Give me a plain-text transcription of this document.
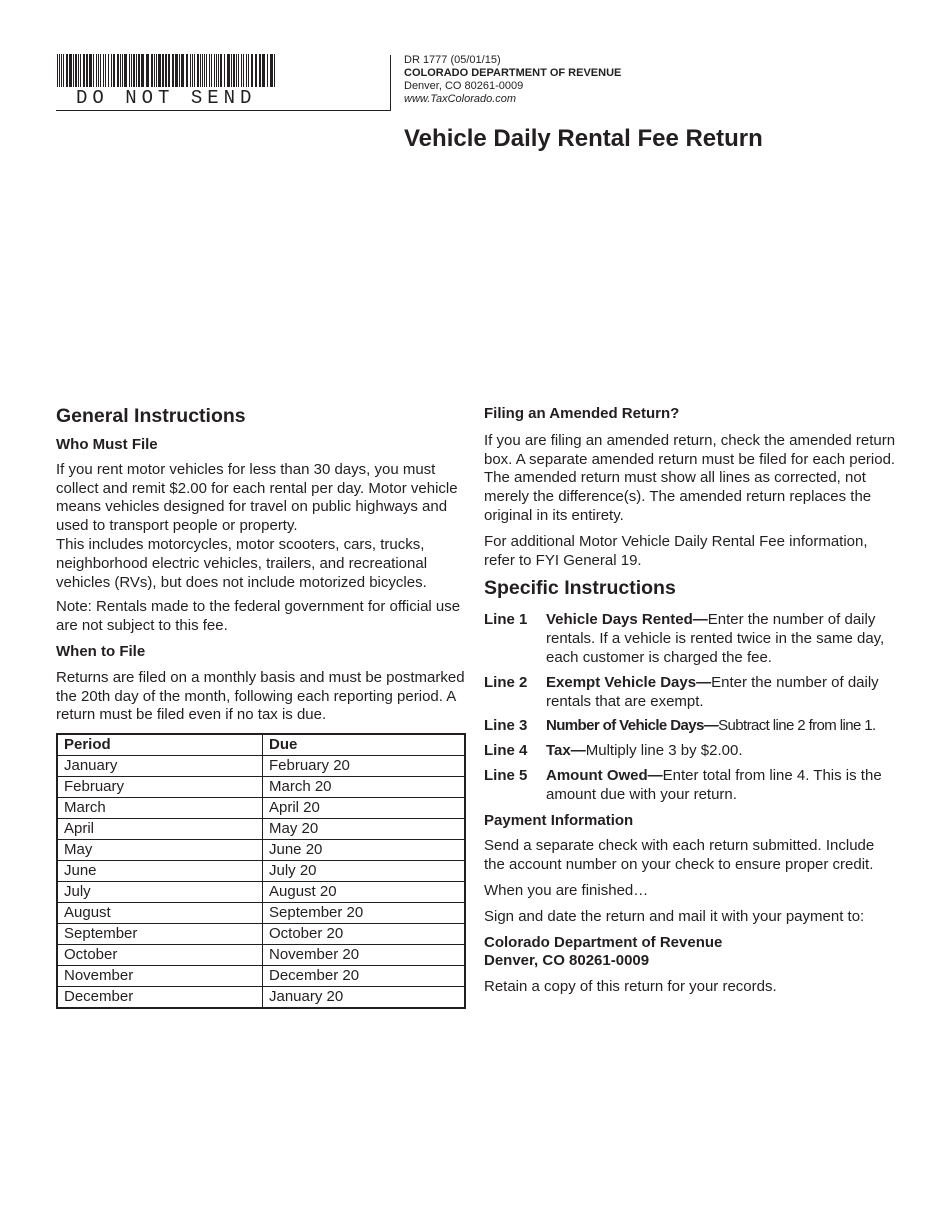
DO NOT SEND
DR 1777 (05/01/15)
COLORADO DEPARTMENT OF REVENUE
Denver, CO 80261-0009
www.TaxColorado.com
Vehicle Daily Rental Fee Return
General Instructions
Who Must File

If you rent motor vehicles for less than 30 days, you must collect and remit $2.00 for each rental per day. Motor vehicle means vehicles designed for travel on public highways and used to transport people or property.

This includes motorcycles, motor scooters, cars, trucks, neighborhood electric vehicles, trailers, and recreational vehicles (RVs), but does not include motorized bicycles.

Note: Rentals made to the federal government for official use are not subject to this fee.

When to File

Returns are filed on a monthly basis and must be postmarked the 20th day of the month, following each reporting period. A return must be filed even if no tax is due.

Period	Due
January	February 20
February	March 20
March	April 20
April	May 20
May	June 20
June	July 20
July	August 20
August	September 20
September	October 20
October	November 20
November	December 20
December	January 20
Filing an Amended Return?

If you are filing an amended return, check the amended return box. A separate amended return must be filed for each period. The amended return must show all lines as corrected, not merely the difference(s). The amended return replaces the original in its entirety.

For additional Motor Vehicle Daily Rental Fee information, refer to FYI General 19.

Specific Instructions
Line 1	Vehicle Days Rented—Enter the number of daily rentals. If a vehicle is rented twice in the same day, each customer is charged the fee.
Line 2	Exempt Vehicle Days—Enter the number of daily rentals that are exempt.
Line 3	Number of Vehicle Days—Subtract line 2 from line 1.
Line 4	Tax—Multiply line 3 by $2.00.
Line 5	Amount Owed—Enter total from line 4. This is the amount due with your return.
Payment Information

Send a separate check with each return submitted. Include the account number on your check to ensure proper credit.

When you are finished…

Sign and date the return and mail it with your payment to:

Colorado Department of Revenue

Denver, CO 80261-0009

Retain a copy of this return for your records.
